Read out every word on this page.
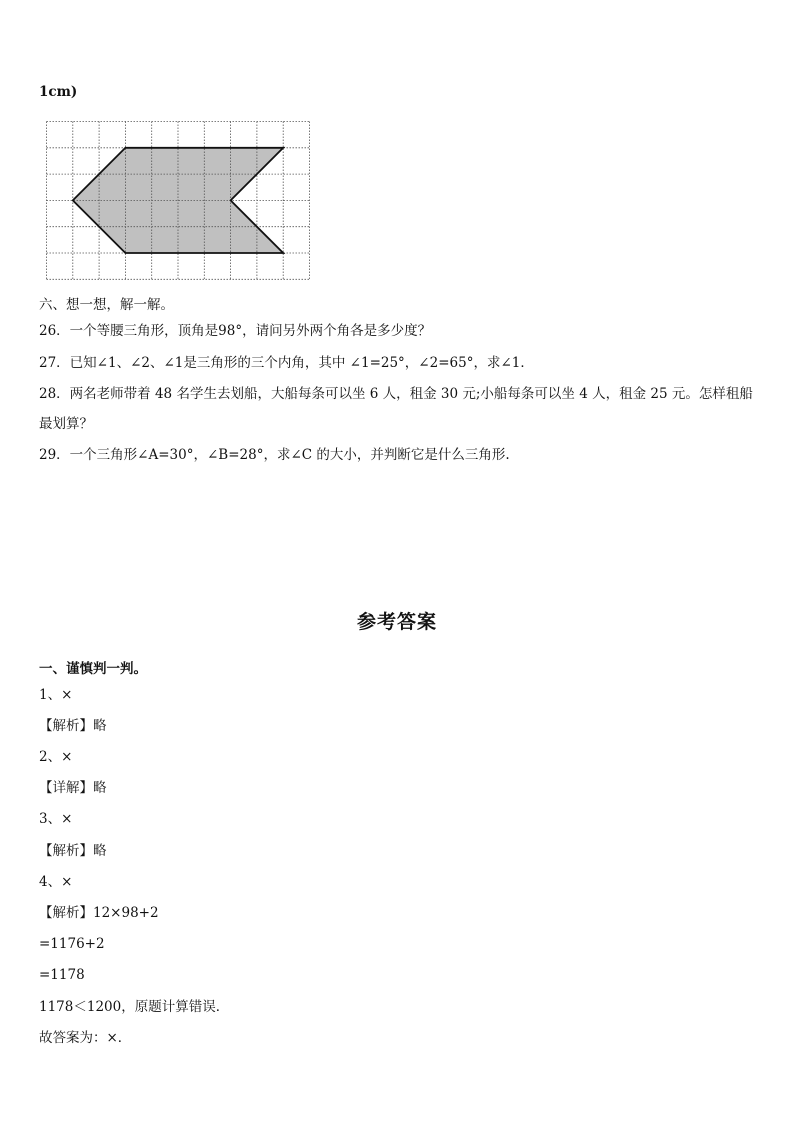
1cm)
六、想一想，解一解。
26．一个等腰三角形，顶角是98°，请问另外两个角各是多少度？
27．已知∠1、∠2、∠1是三角形的三个内角，其中 ∠1=25°，∠2=65°，求∠1．
28．两名老师带着 48 名学生去划船，大船每条可以坐 6 人，租金 30 元;小船每条可以坐 4 人，租金 25 元。怎样租船
最划算？
29．一个三角形∠A=30°，∠B=28°，求∠C 的大小，并判断它是什么三角形.
参考答案
一、谨慎判一判。
1、×
【解析】略
2、×
【详解】略
3、×
【解析】略
4、×
【解析】12×98+2
=1176+2
=1178
1178＜1200，原题计算错误．
故答案为：×．
